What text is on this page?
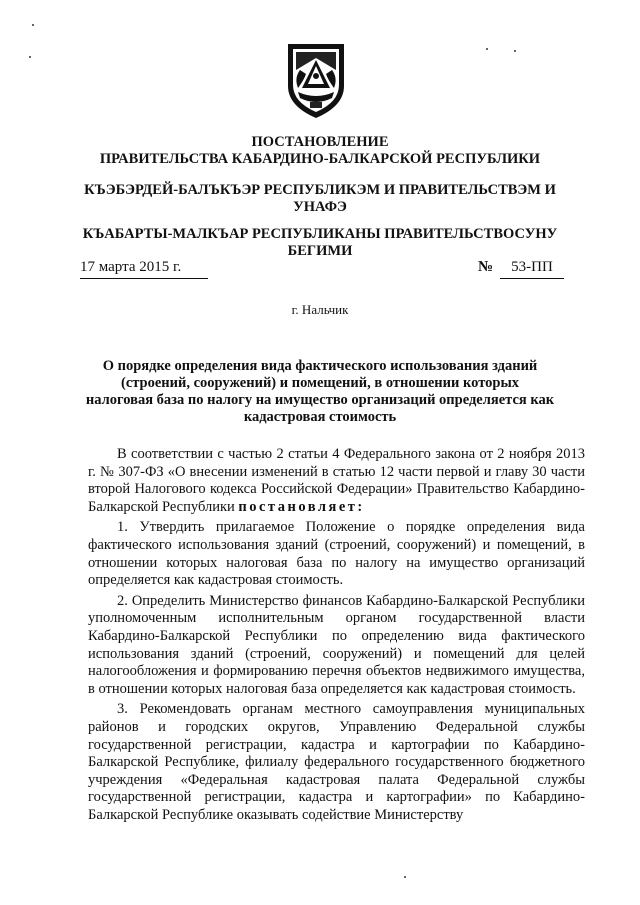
ПОСТАНОВЛЕНИЕ
ПРАВИТЕЛЬСТВА КАБАРДИНО-БАЛКАРСКОЙ РЕСПУБЛИКИ
КЪЭБЭРДЕЙ-БАЛЪКЪЭР РЕСПУБЛИКЭМ И ПРАВИТЕЛЬСТВЭМ И
УНАФЭ
КЪАБАРТЫ-МАЛКЪАР РЕСПУБЛИКАНЫ ПРАВИТЕЛЬСТВОСУНУ
БЕГИМИ
17 марта 2015 г.	№	53-ПП
г. Нальчик
О порядке определения вида фактического использования зданий
(строений, сооружений) и помещений, в отношении которых
налоговая база по налогу на имущество организаций определяется как
кадастровая стоимость

В соответствии с частью 2 статьи 4 Федерального закона от 2 ноября 2013 г. № 307-ФЗ «О внесении изменений в статью 12 части первой и главу 30 части второй Налогового кодекса Российской Федерации» Правительство Кабардино-Балкарской Республики постановляет:

1. Утвердить прилагаемое Положение о порядке определения вида фактического использования зданий (строений, сооружений) и помещений, в отношении которых налоговая база по налогу на имущество организаций определяется как кадастровая стоимость.

2. Определить Министерство финансов Кабардино-Балкарской Республики уполномоченным исполнительным органом государственной власти Кабардино-Балкарской Республики по определению вида фактического использования зданий (строений, сооружений) и помещений для целей налогообложения и формированию перечня объектов недвижимого имущества, в отношении которых налоговая база определяется как кадастровая стоимость.

3. Рекомендовать органам местного самоуправления муниципальных районов и городских округов, Управлению Федеральной службы государственной регистрации, кадастра и картографии по Кабардино-Балкарской Республике, филиалу федерального государственного бюджетного учреждения «Федеральная кадастровая палата Федеральной службы государственной регистрации, кадастра и картографии» по Кабардино-Балкарской Республике оказывать содействие Министерству
